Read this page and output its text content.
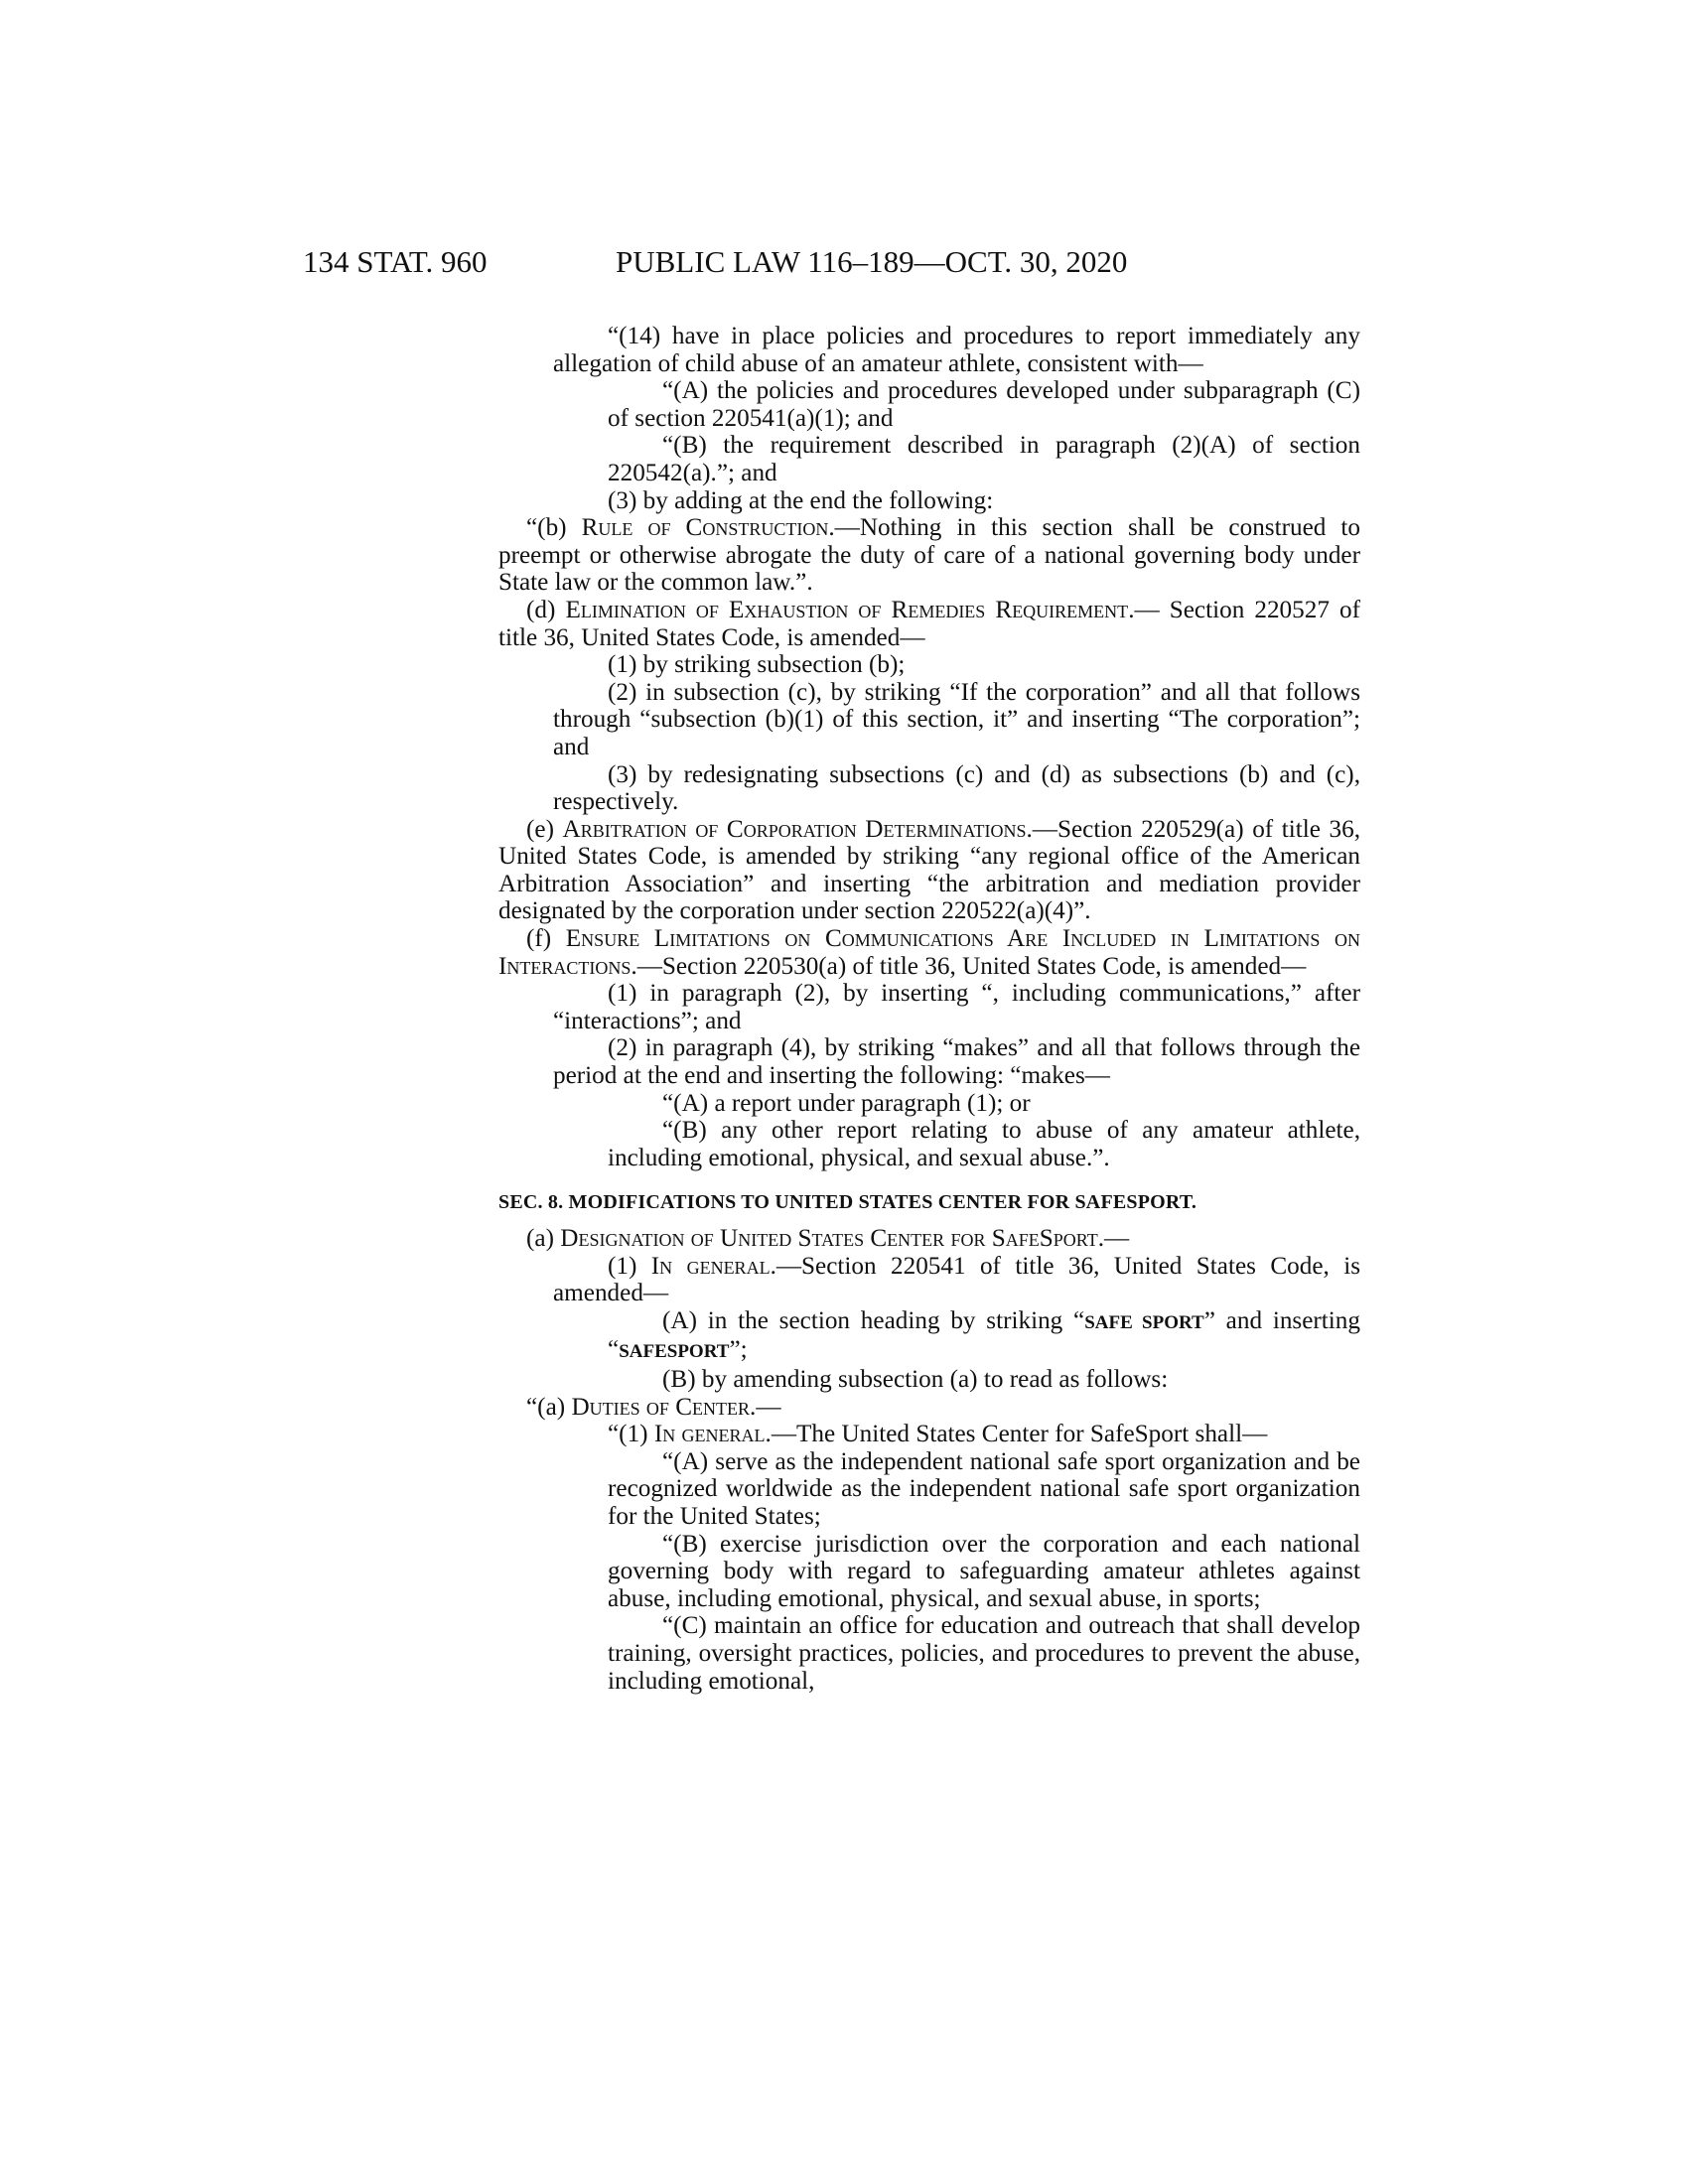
134 STAT. 960	PUBLIC LAW 116–189—OCT. 30, 2020

“(14) have in place policies and procedures to report immediately any allegation of child abuse of an amateur athlete, consistent with—

“(A) the policies and procedures developed under subparagraph (C) of section 220541(a)(1); and

“(B) the requirement described in paragraph (2)(A) of section 220542(a).”; and

(3) by adding at the end the following:

“(b) Rule of Construction.—Nothing in this section shall be construed to preempt or otherwise abrogate the duty of care of a national governing body under State law or the common law.”.

(d) Elimination of Exhaustion of Remedies Requirement.— Section 220527 of title 36, United States Code, is amended—

(1) by striking subsection (b);

(2) in subsection (c), by striking “If the corporation” and all that follows through “subsection (b)(1) of this section, it” and inserting “The corporation”; and

(3) by redesignating subsections (c) and (d) as subsections (b) and (c), respectively.

(e) Arbitration of Corporation Determinations.—Section 220529(a) of title 36, United States Code, is amended by striking “any regional office of the American Arbitration Association” and inserting “the arbitration and mediation provider designated by the corporation under section 220522(a)(4)”.

(f) Ensure Limitations on Communications Are Included in Limitations on Interactions.—Section 220530(a) of title 36, United States Code, is amended—

(1) in paragraph (2), by inserting “, including communications,” after “interactions”; and

(2) in paragraph (4), by striking “makes” and all that follows through the period at the end and inserting the following: “makes—

“(A) a report under paragraph (1); or

“(B) any other report relating to abuse of any amateur athlete, including emotional, physical, and sexual abuse.”.

SEC. 8. MODIFICATIONS TO UNITED STATES CENTER FOR SAFESPORT.

(a) Designation of United States Center for SafeSport.—

(1) In general.—Section 220541 of title 36, United States Code, is amended—

(A) in the section heading by striking “SAFE SPORT” and inserting “SAFESPORT”;

(B) by amending subsection (a) to read as follows:

“(a) Duties of Center.—

“(1) In general.—The United States Center for SafeSport shall—

“(A) serve as the independent national safe sport organization and be recognized worldwide as the independent national safe sport organization for the United States;

“(B) exercise jurisdiction over the corporation and each national governing body with regard to safeguarding amateur athletes against abuse, including emotional, physical, and sexual abuse, in sports;

“(C) maintain an office for education and outreach that shall develop training, oversight practices, policies, and procedures to prevent the abuse, including emotional,
